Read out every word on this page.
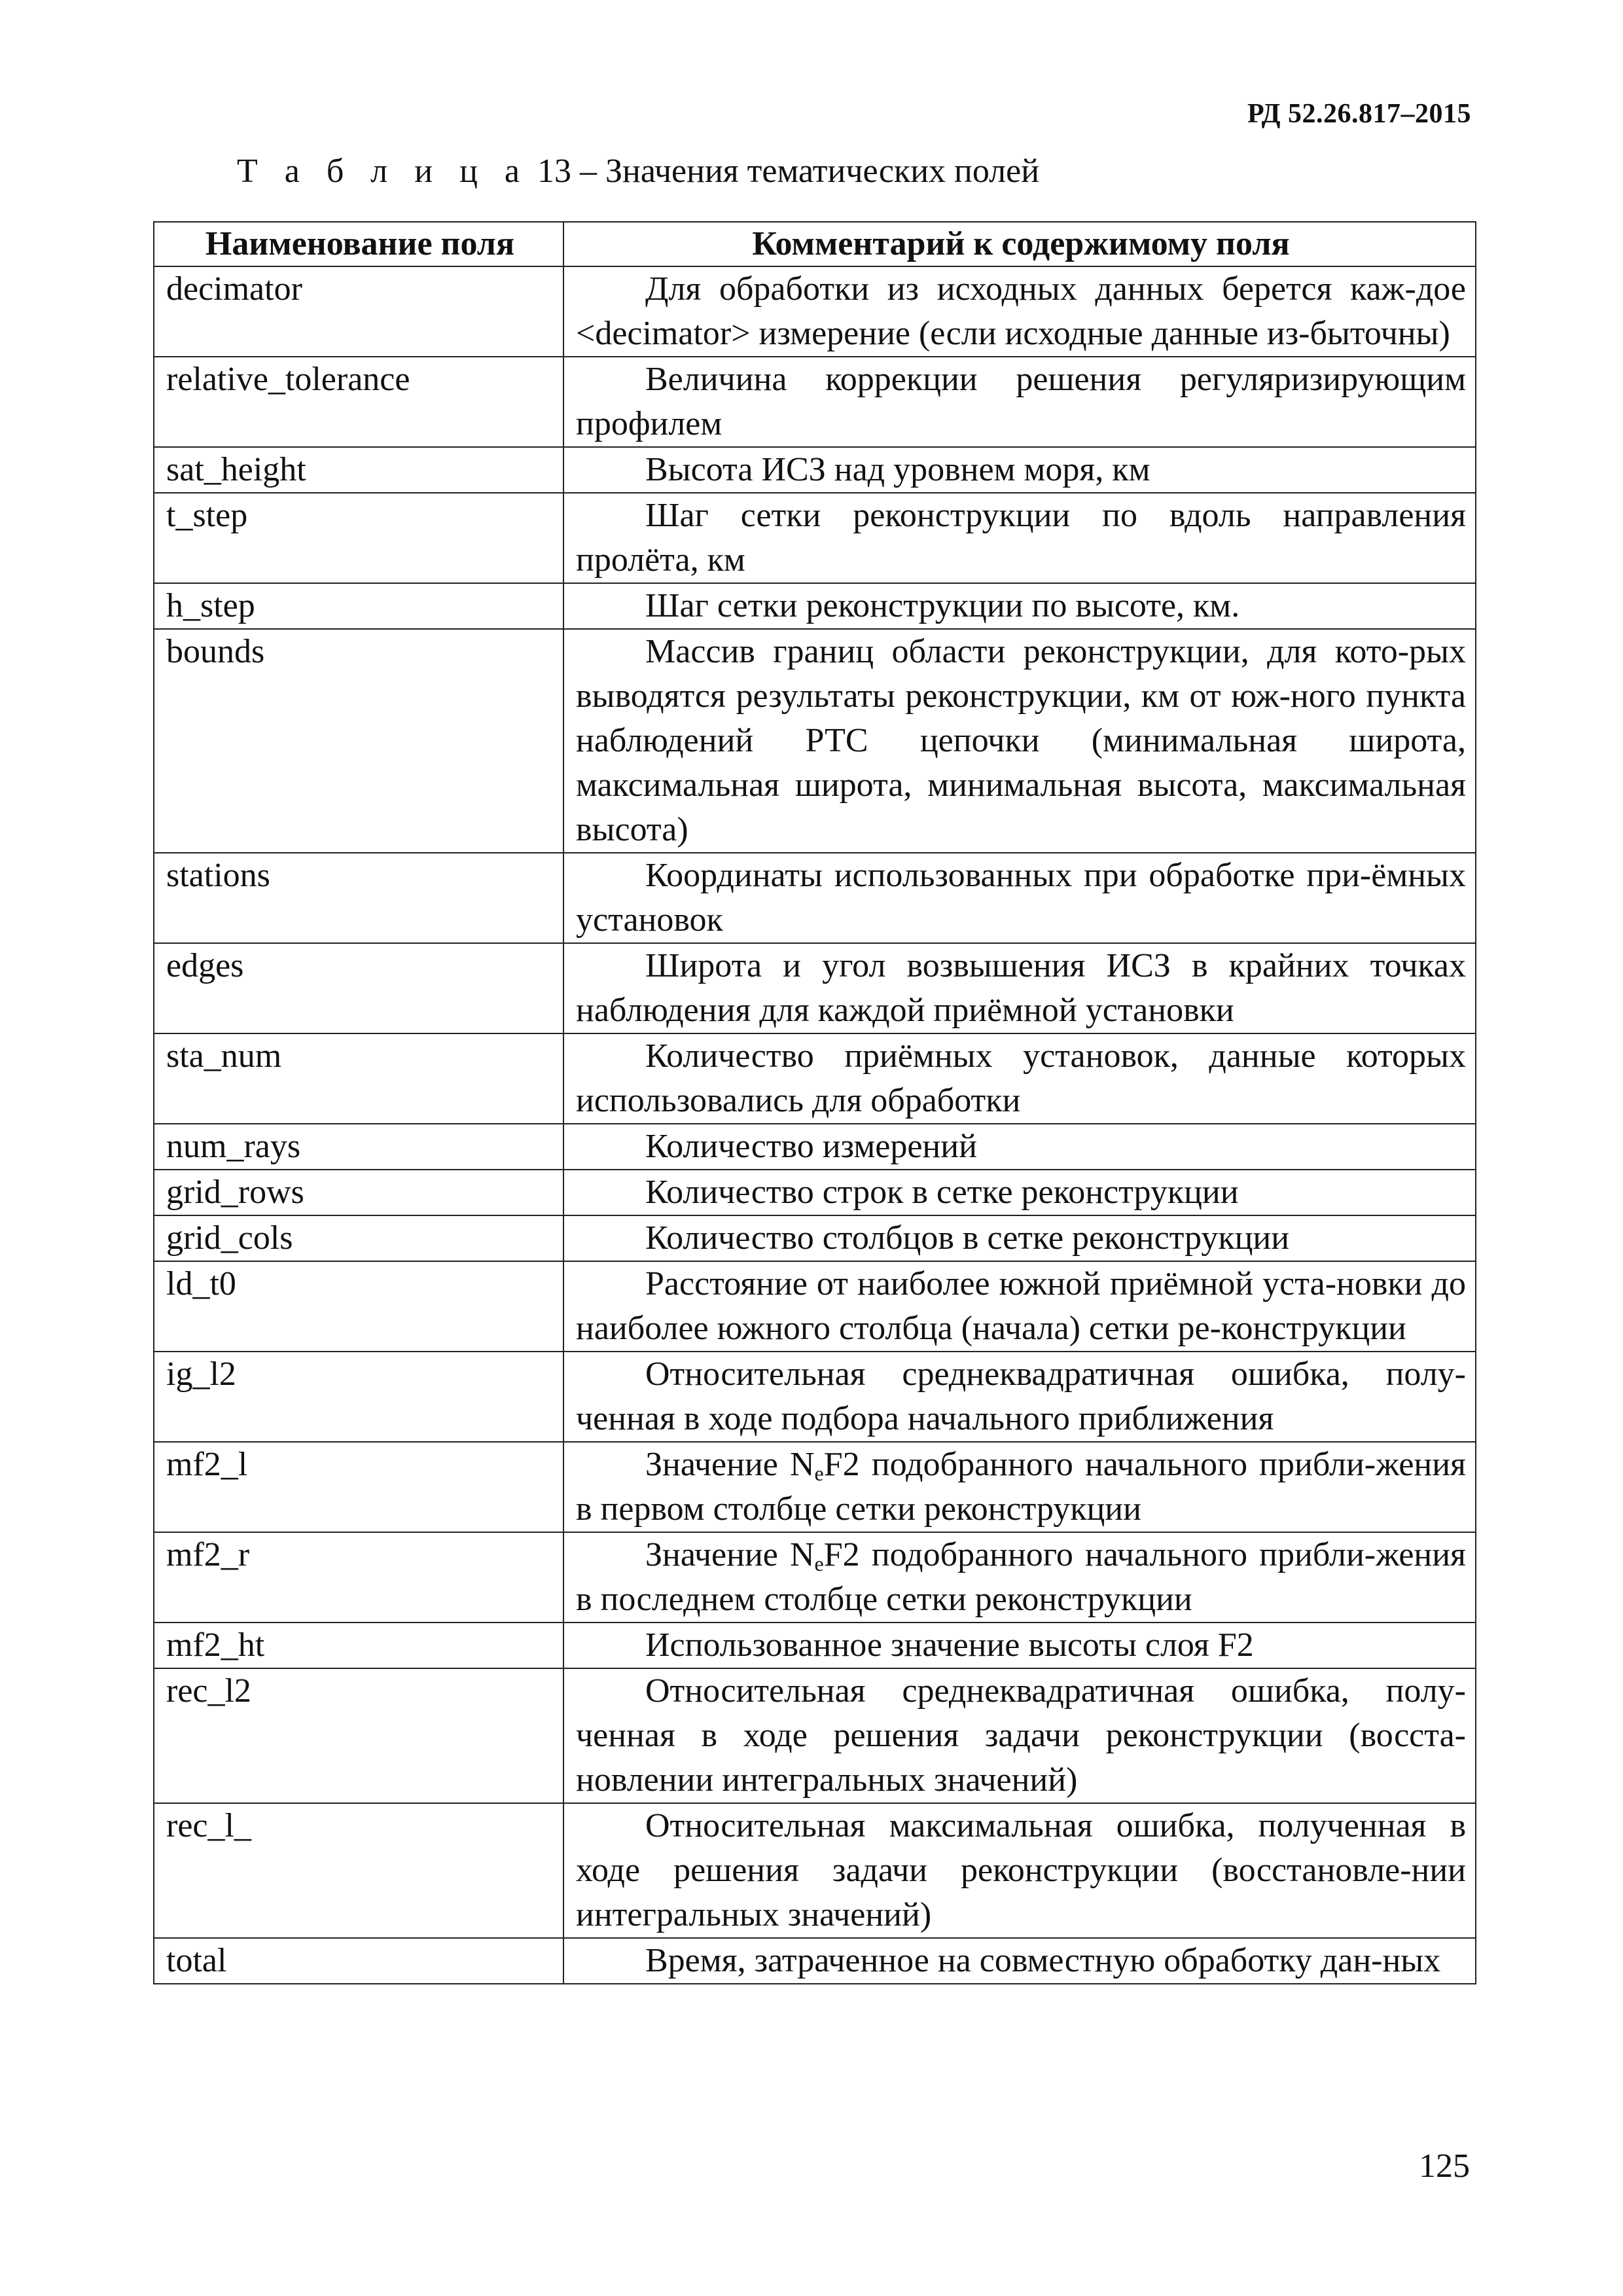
РД 52.26.817–2015
Т а б л и ц а 13 – Значения тематических полей
Наименование поля	Комментарий к содержимому поля
decimator	Для обработки из исходных данных берется каж-дое <decimator> измерение (если исходные данные из-быточны)
relative_tolerance	Величина коррекции решения регуляризирующим профилем
sat_height	Высота ИСЗ над уровнем моря, км
t_step	Шаг сетки реконструкции по вдоль направления пролёта, км
h_step	Шаг сетки реконструкции по высоте, км.
bounds	Массив границ области реконструкции, для кото-рых выводятся результаты реконструкции, км от юж-ного пункта наблюдений РТС цепочки (минимальная широта, максимальная широта, минимальная высота, максимальная высота)
stations	Координаты использованных при обработке при-ёмных установок
edges	Широта и угол возвышения ИСЗ в крайних точках наблюдения для каждой приёмной установки
sta_num	Количество приёмных установок, данные которых использовались для обработки
num_rays	Количество измерений
grid_rows	Количество строк в сетке реконструкции
grid_cols	Количество столбцов в сетке реконструкции
ld_t0	Расстояние от наиболее южной приёмной уста-новки до наиболее южного столбца (начала) сетки ре-конструкции
ig_l2	Относительная среднеквадратичная ошибка, полу-ченная в ходе подбора начального приближения
mf2_l	Значение $N_eF2$ подобранного начального прибли-жения в первом столбце сетки реконструкции
mf2_r	Значение $N_eF2$ подобранного начального прибли-жения в последнем столбце сетки реконструкции
mf2_ht	Использованное значение высоты слоя F2
rec_l2	Относительная среднеквадратичная ошибка, полу-ченная в ходе решения задачи реконструкции (восста-новлении интегральных значений)
rec_l_	Относительная максимальная ошибка, полученная в ходе решения задачи реконструкции (восстановле-нии интегральных значений)
total	Время, затраченное на совместную обработку дан-ных
125
